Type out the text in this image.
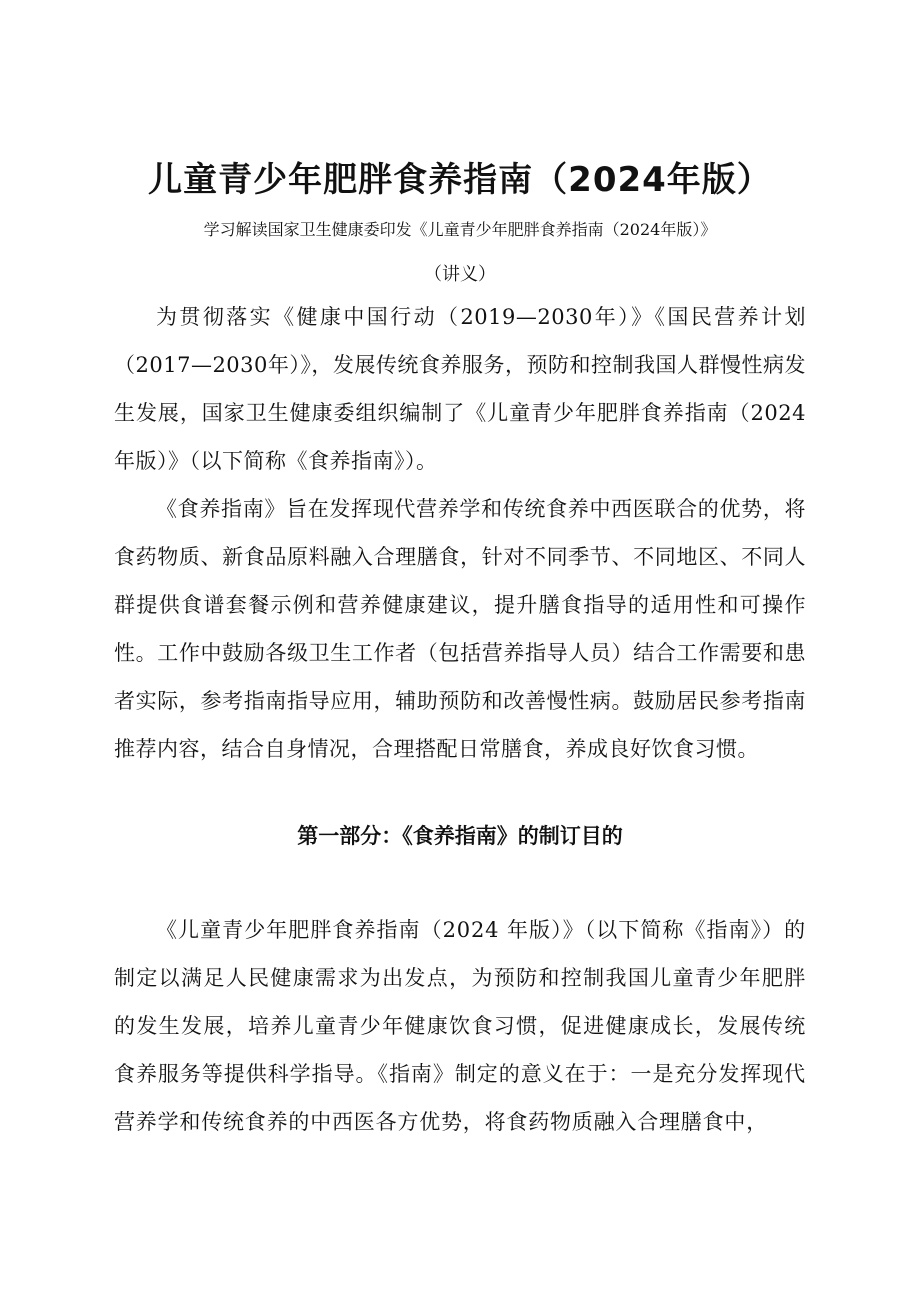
儿童青少年肥胖食养指南（2024年版）

学习解读国家卫生健康委印发《儿童青少年肥胖食养指南（2024年版）》

（讲义）

为贯彻落实《健康中国行动（2019—2030年）》《国民营养计划（2017—2030年）》，发展传统食养服务，预防和控制我国人群慢性病发生发展，国家卫生健康委组织编制了《儿童青少年肥胖食养指南（2024年版）》（以下简称《食养指南》）。

《食养指南》旨在发挥现代营养学和传统食养中西医联合的优势，将食药物质、新食品原料融入合理膳食，针对不同季节、不同地区、不同人群提供食谱套餐示例和营养健康建议，提升膳食指导的适用性和可操作性。工作中鼓励各级卫生工作者（包括营养指导人员）结合工作需要和患者实际，参考指南指导应用，辅助预防和改善慢性病。鼓励居民参考指南推荐内容，结合自身情况，合理搭配日常膳食，养成良好饮食习惯。

第一部分：《食养指南》的制订目的

《儿童青少年肥胖食养指南（2024 年版）》（以下简称《指南》）的制定以满足人民健康需求为出发点，为预防和控制我国儿童青少年肥胖的发生发展，培养儿童青少年健康饮食习惯，促进健康成长，发展传统食养服务等提供科学指导。《指南》制定的意义在于：一是充分发挥现代营养学和传统食养的中西医各方优势，将食药物质融入合理膳食中，
